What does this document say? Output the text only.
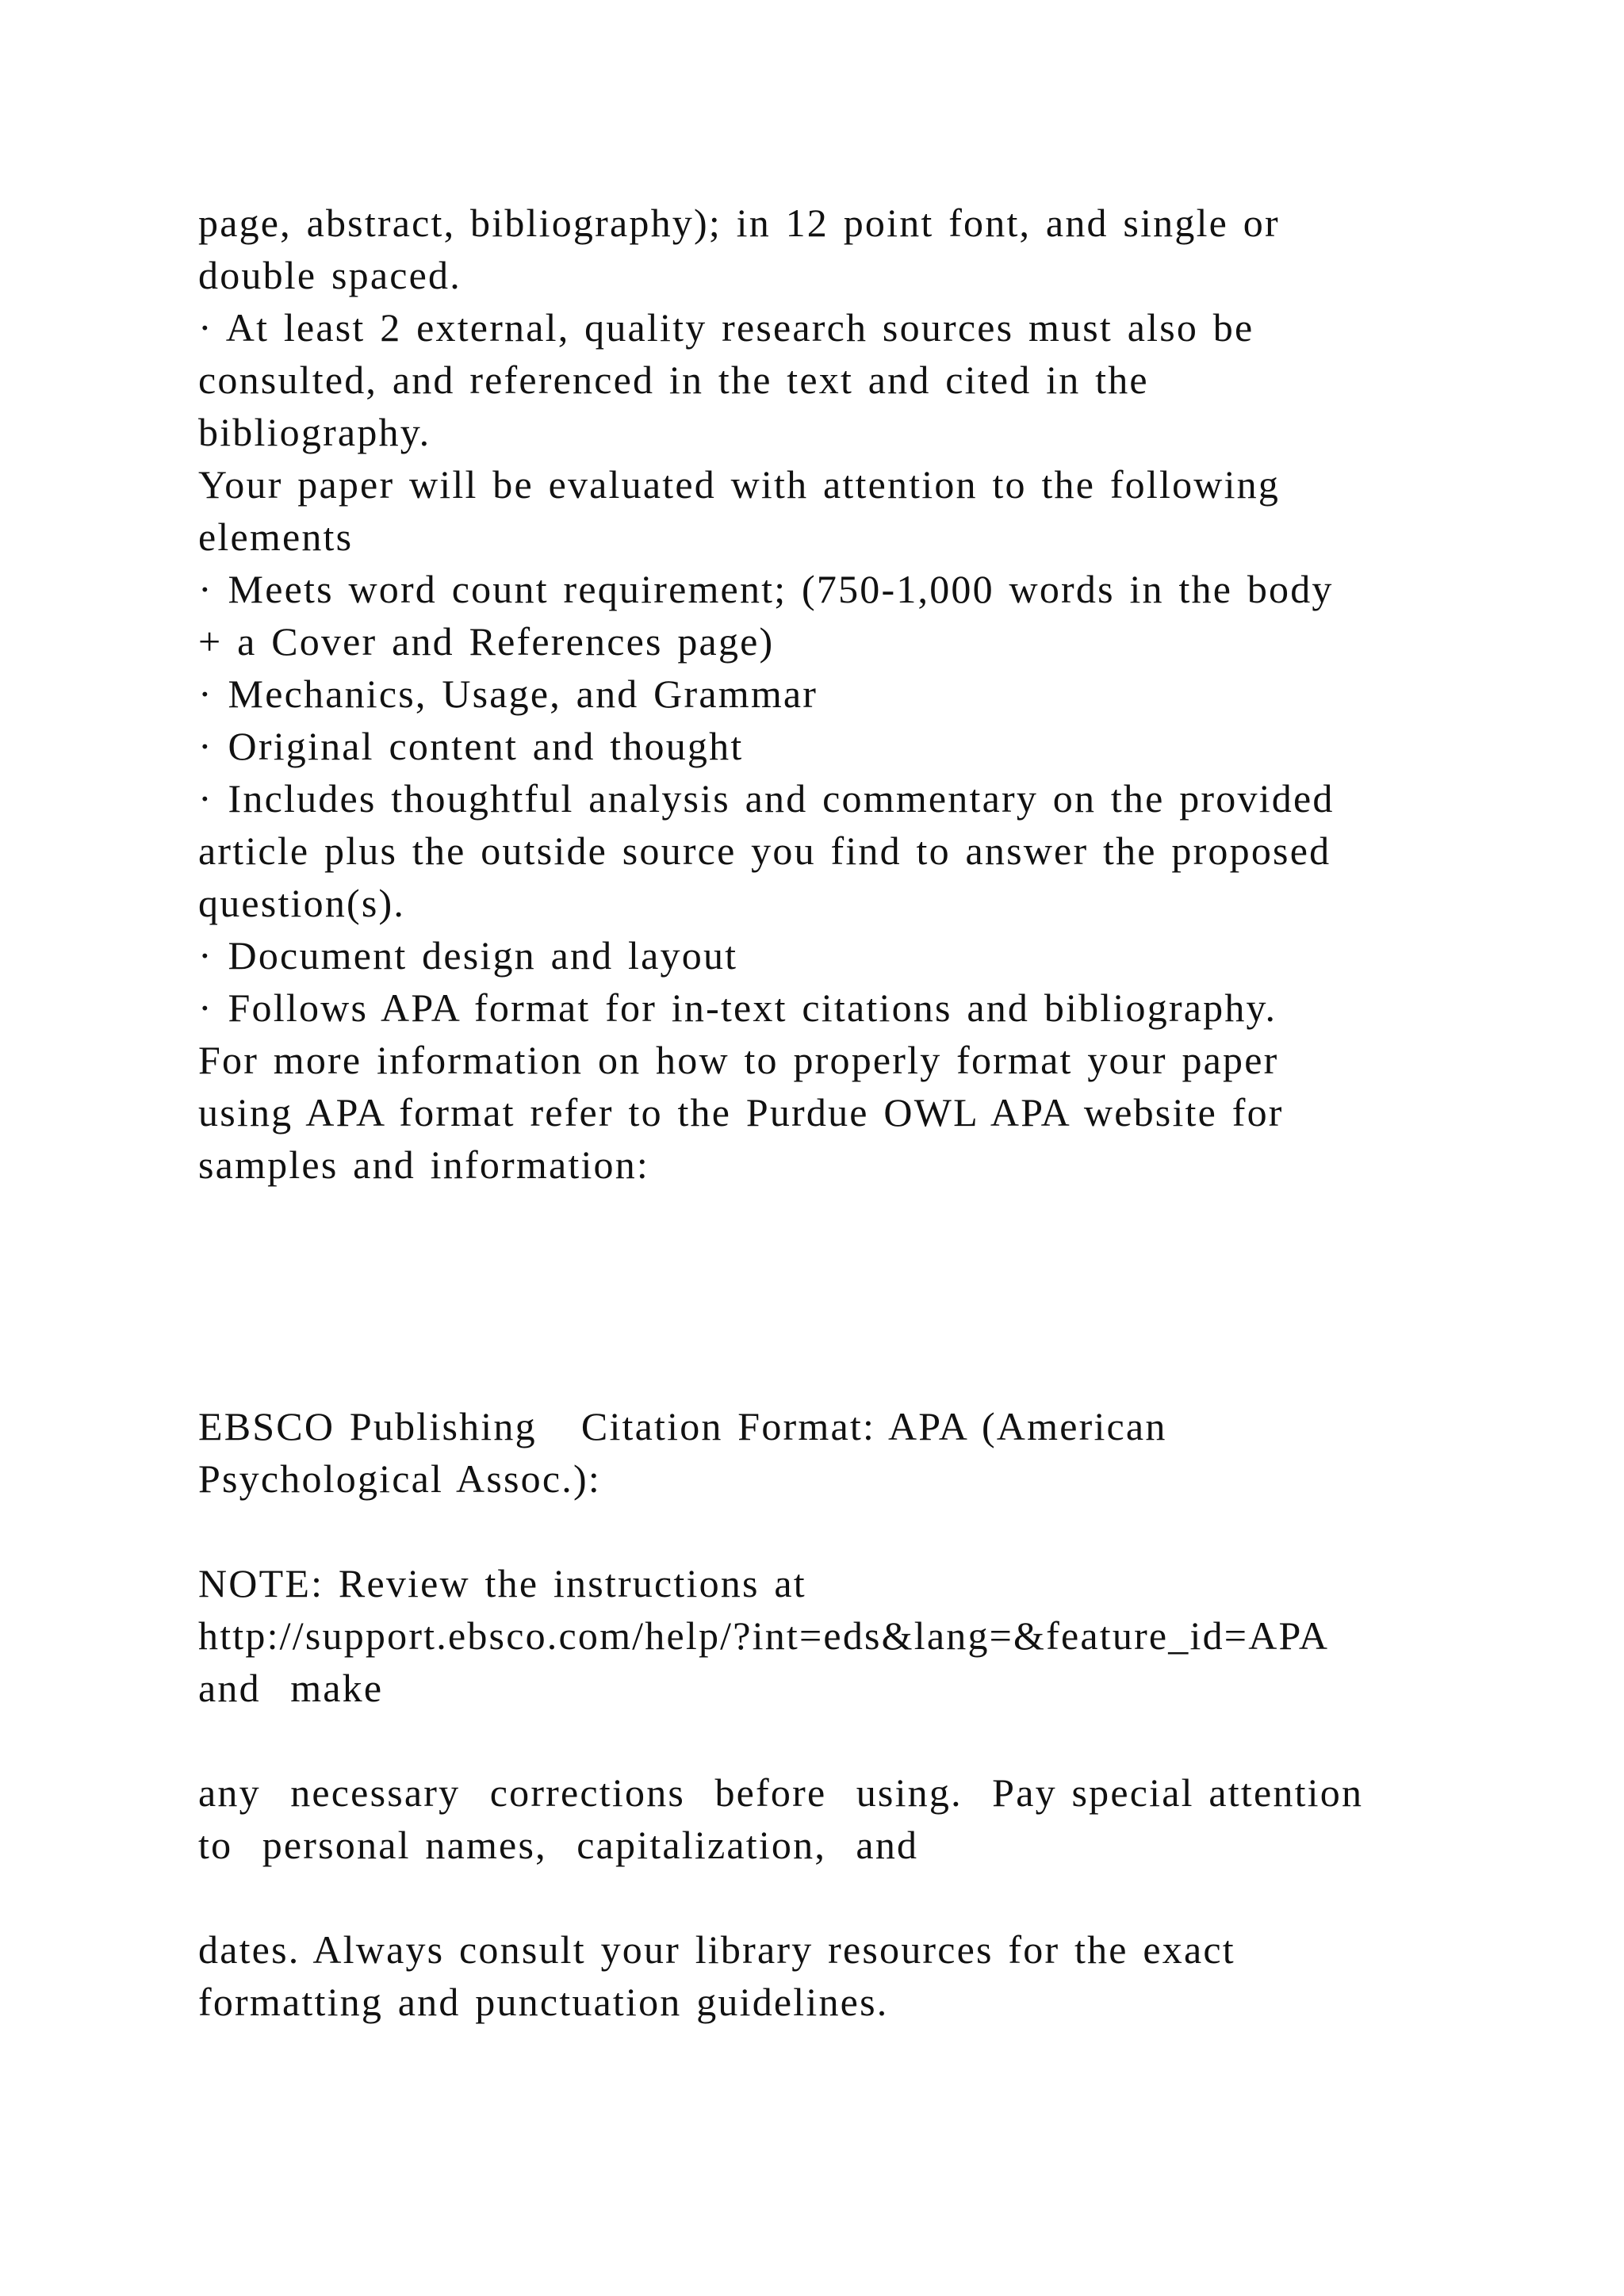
page, abstract, bibliography); in 12 point font, and single or
double spaced.
· At least 2 external, quality research sources must also be
consulted, and referenced in the text and cited in the
bibliography.
Your paper will be evaluated with attention to the following
elements
· Meets word count requirement; (750-1,000 words in the body
+ a Cover and References page)
· Mechanics, Usage, and Grammar
· Original content and thought
· Includes thoughtful analysis and commentary on the provided
article plus the outside source you find to answer the proposed
question(s).
· Document design and layout
· Follows APA format for in-text citations and bibliography.
For more information on how to properly format your paper
using APA format refer to the Purdue OWL APA website for
samples and information:
EBSCO Publishing   Citation Format: APA (American
Psychological Assoc.):
NOTE: Review the instructions at
http://support.ebsco.com/help/?int=eds&lang=&feature_id=APA
and  make
any  necessary  corrections  before  using.  Pay special attention
to  personal names,  capitalization,  and
dates. Always consult your library resources for the exact
formatting and punctuation guidelines.
